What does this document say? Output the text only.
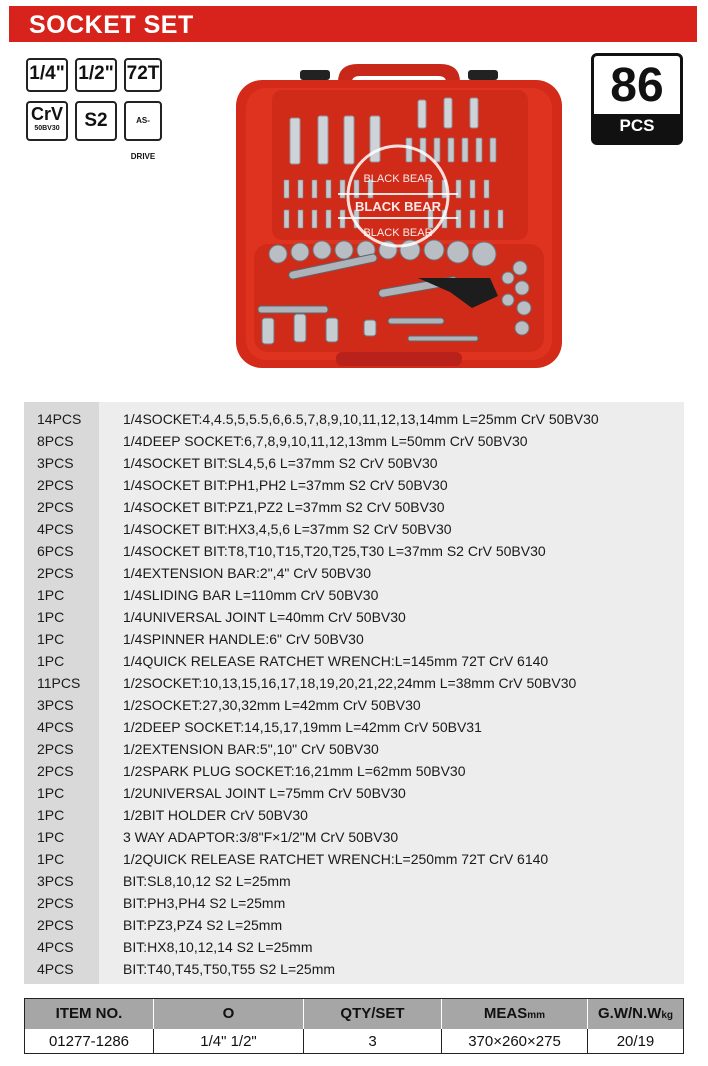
SOCKET SET
1/4" 1/2" 72T
CrV
50BV30	S2	AS-DRIVE
86
PCS
BLACK BEAR
BLACK BEAR
BLACK BEAR
14PCS	1/4SOCKET:4,4.5,5,5.5,6,6.5,7,8,9,10,11,12,13,14mm L=25mm CrV 50BV30
8PCS	1/4DEEP SOCKET:6,7,8,9,10,11,12,13mm L=50mm CrV 50BV30
3PCS	1/4SOCKET BIT:SL4,5,6 L=37mm S2 CrV 50BV30
2PCS	1/4SOCKET BIT:PH1,PH2 L=37mm S2 CrV 50BV30
2PCS	1/4SOCKET BIT:PZ1,PZ2 L=37mm S2 CrV 50BV30
4PCS	1/4SOCKET BIT:HX3,4,5,6 L=37mm S2 CrV 50BV30
6PCS	1/4SOCKET BIT:T8,T10,T15,T20,T25,T30 L=37mm S2 CrV 50BV30
2PCS	1/4EXTENSION BAR:2",4" CrV 50BV30
1PC	1/4SLIDING BAR L=110mm CrV 50BV30
1PC	1/4UNIVERSAL JOINT L=40mm CrV 50BV30
1PC	1/4SPINNER HANDLE:6" CrV 50BV30
1PC	1/4QUICK RELEASE RATCHET WRENCH:L=145mm 72T CrV 6140
11PCS	1/2SOCKET:10,13,15,16,17,18,19,20,21,22,24mm L=38mm CrV 50BV30
3PCS	1/2SOCKET:27,30,32mm L=42mm CrV 50BV30
4PCS	1/2DEEP SOCKET:14,15,17,19mm L=42mm CrV 50BV31
2PCS	1/2EXTENSION BAR:5",10" CrV 50BV30
2PCS	1/2SPARK PLUG SOCKET:16,21mm L=62mm 50BV30
1PC	1/2UNIVERSAL JOINT L=75mm CrV 50BV30
1PC	1/2BIT HOLDER CrV 50BV30
1PC	3 WAY ADAPTOR:3/8"F×1/2"M CrV 50BV30
1PC	1/2QUICK RELEASE RATCHET WRENCH:L=250mm 72T CrV 6140
3PCS	BIT:SL8,10,12 S2 L=25mm
2PCS	BIT:PH3,PH4 S2 L=25mm
2PCS	BIT:PZ3,PZ4 S2 L=25mm
4PCS	BIT:HX8,10,12,14 S2 L=25mm
4PCS	BIT:T40,T45,T50,T55 S2 L=25mm
ITEM NO.	O	QTY/SET	MEASmm	G.W/N.Wkg
01277-1286	1/4" 1/2"	3	370×260×275	20/19
